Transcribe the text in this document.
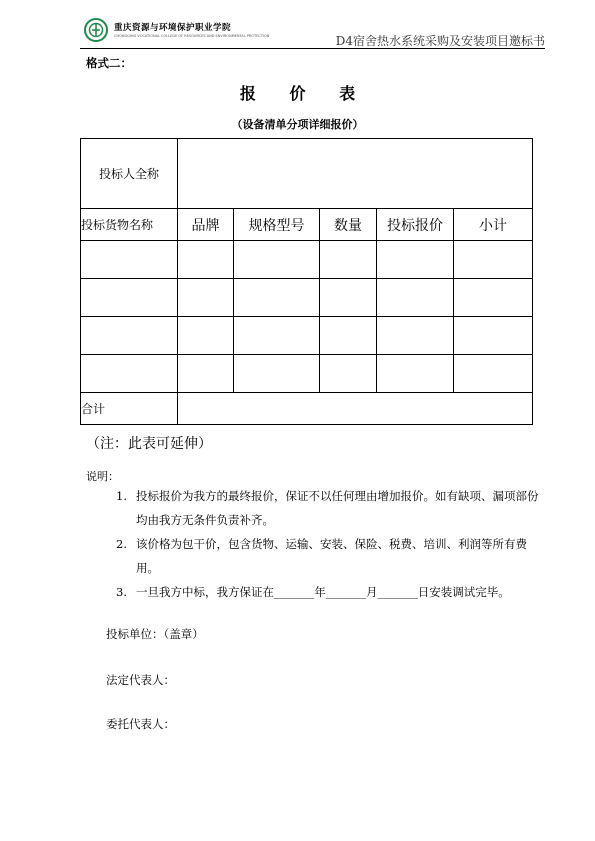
重庆资源与环境保护职业学院
CHONGQING VOCATIONAL COLLEGE OF RESOURCES AND ENVIRONMENTAL PROTECTION	D4宿舍热水系统采购及安装项目邀标书
格式二：
报 价 表
（设备清单分项详细报价）
投标人全称					
投标货物名称	品牌	规格型号	数量	投标报价	小计

合计					
（注：此表可延伸）
说明：
1. 投标报价为我方的最终报价，保证不以任何理由增加报价。如有缺项、漏项部份均由我方无条件负责补齐。
2. 该价格为包干价，包含货物、运输、安装、保险、税费、培训、利润等所有费用。
3. 一旦我方中标，我方保证在_______年_______月_______日安装调试完毕。
投标单位：（盖章）
法定代表人：
委托代表人：
